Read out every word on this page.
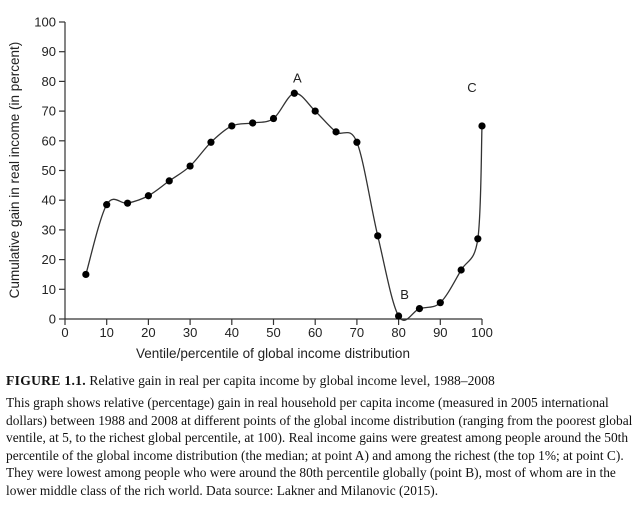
0
10
20
30
40
50
60
70
80
90
100
0 10 20 30 40 50 60 70 80 90 100
A
B
C
Cumulative gain in real income (in percent)
Ventile/percentile of global income distribution
FIGURE 1.1. Relative gain in real per capita income by global income level, 1988–2008
This graph shows relative (percentage) gain in real household per capita income (measured in 2005 international dollars) between 1988 and 2008 at different points of the global income distribution (ranging from the poorest global ventile, at 5, to the richest global percentile, at 100). Real income gains were greatest among people around the 50th percentile of the global income distribution (the median; at point A) and among the richest (the top 1%; at point C). They were lowest among people who were around the 80th percentile globally (point B), most of whom are in the lower middle class of the rich world. Data source: Lakner and Milanovic (2015).
